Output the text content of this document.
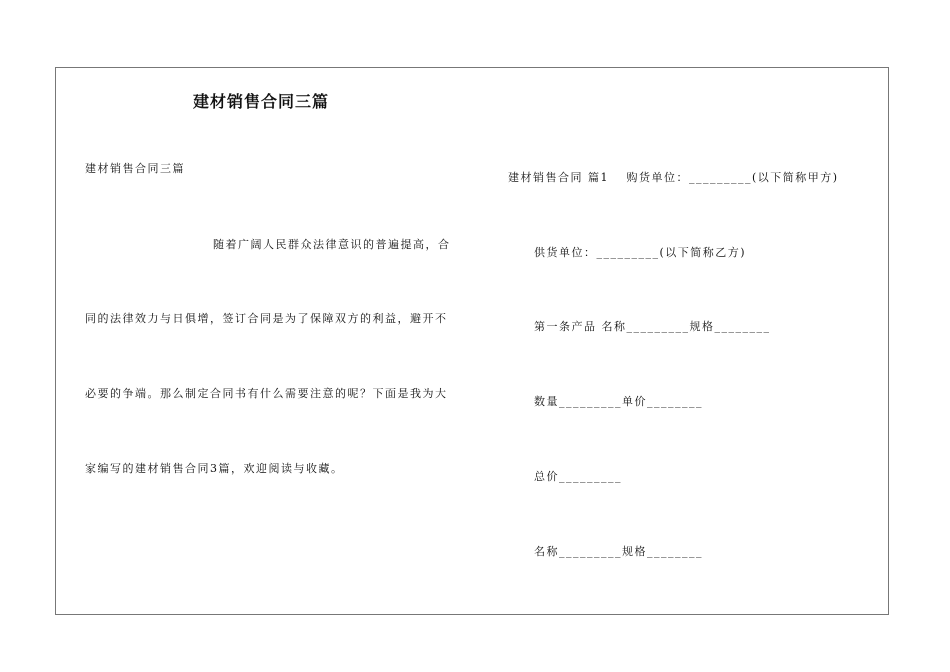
建材销售合同三篇
建材销售合同三篇
随着广阔人民群众法律意识的普遍提高，合
同的法律效力与日俱增，签订合同是为了保障双方的利益，避开不
必要的争端。那么制定合同书有什么需要注意的呢？下面是我为大
家编写的建材销售合同3篇，欢迎阅读与收藏。
建材销售合同 篇1　 购货单位：_________(以下简称甲方)
供货单位：_________(以下简称乙方)
第一条产品 名称_________规格________
数量_________单价________
总价_________
名称_________规格________
